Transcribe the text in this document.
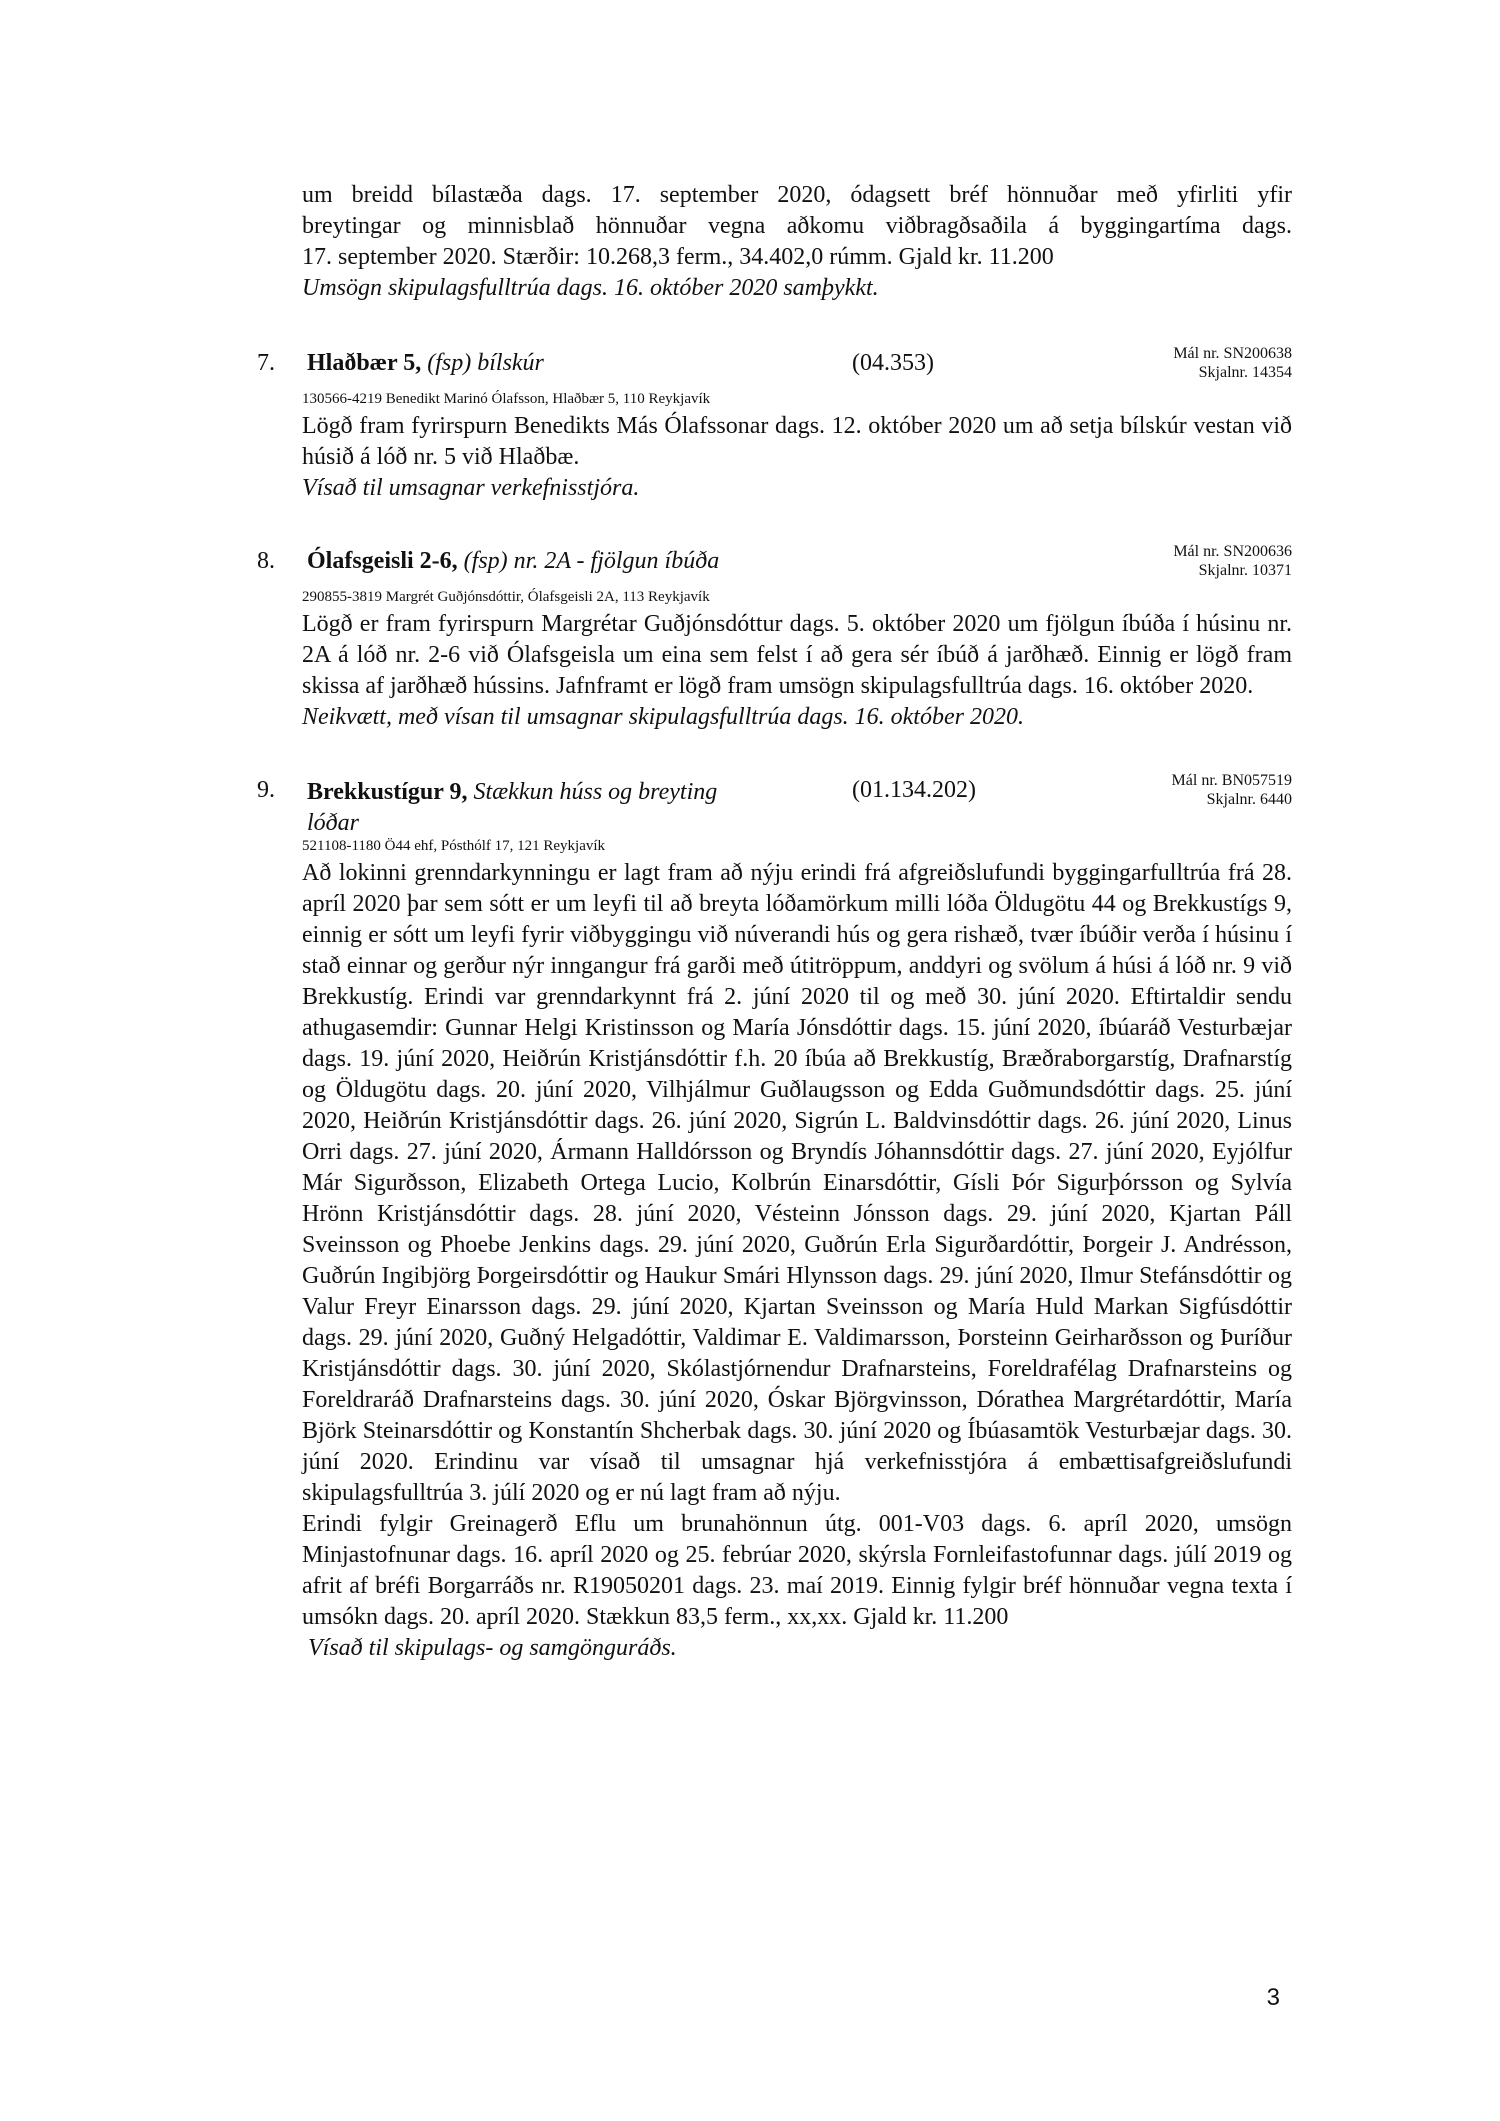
um breidd bílastæða dags. 17. september 2020, ódagsett bréf hönnuðar með yfirliti yfir
breytingar og minnisblað hönnuðar vegna aðkomu viðbragðsaðila á byggingartíma dags.
17. september 2020. Stærðir: 10.268,3 ferm., 34.402,0 rúmm. Gjald kr. 11.200
Umsögn skipulagsfulltrúa dags. 16. október 2020 samþykkt.

7. Hlaðbær 5, (fsp) bílskúr	(04.353)	Mál nr. SN200638
Skjalnr. 14354
130566-4219 Benedikt Marinó Ólafsson, Hlaðbær 5, 110 Reykjavík

Lögð fram fyrirspurn Benedikts Más Ólafssonar dags. 12. október 2020 um að setja bílskúr vestan við húsið á lóð nr. 5 við Hlaðbæ.

Vísað til umsagnar verkefnisstjóra.

8. Ólafsgeisli 2-6, (fsp) nr. 2A - fjölgun íbúða	Mál nr. SN200636
Skjalnr. 10371
290855-3819 Margrét Guðjónsdóttir, Ólafsgeisli 2A, 113 Reykjavík

Lögð er fram fyrirspurn Margrétar Guðjónsdóttur dags. 5. október 2020 um fjölgun íbúða í húsinu nr. 2A á lóð nr. 2-6 við Ólafsgeisla um eina sem felst í að gera sér íbúð á jarðhæð. Einnig er lögð fram skissa af jarðhæð hússins. Jafnframt er lögð fram umsögn skipulagsfulltrúa dags. 16. október 2020.

Neikvætt, með vísan til umsagnar skipulagsfulltrúa dags. 16. október 2020.

9. Brekkustígur 9, Stækkun húss og breyting
lóðar
(01.134.202)	Mál nr. BN057519
Skjalnr. 6440
521108-1180 Ö44 ehf, Pósthólf 17, 121 Reykjavík

Að lokinni grenndarkynningu er lagt fram að nýju erindi frá afgreiðslufundi byggingarfulltrúa frá 28. apríl 2020 þar sem sótt er um leyfi til að breyta lóðamörkum milli lóða Öldugötu 44 og Brekkustígs 9, einnig er sótt um leyfi fyrir viðbyggingu við núverandi hús og gera rishæð, tvær íbúðir verða í húsinu í stað einnar og gerður nýr inngangur frá garði með útitröppum, anddyri og svölum á húsi á lóð nr. 9 við Brekkustíg. Erindi var grenndarkynnt frá 2. júní 2020 til og með 30. júní 2020. Eftirtaldir sendu athugasemdir: Gunnar Helgi Kristinsson og María Jónsdóttir dags. 15. júní 2020, íbúaráð Vesturbæjar dags. 19. júní 2020, Heiðrún Kristjánsdóttir f.h. 20 íbúa að Brekkustíg, Bræðraborgarstíg, Drafnarstíg og Öldugötu dags. 20. júní 2020, Vilhjálmur Guðlaugsson og Edda Guðmundsdóttir dags. 25. júní 2020, Heiðrún Kristjánsdóttir dags. 26. júní 2020, Sigrún L. Baldvinsdóttir dags. 26. júní 2020, Linus Orri dags. 27. júní 2020, Ármann Halldórsson og Bryndís Jóhannsdóttir dags. 27. júní 2020, Eyjólfur Már Sigurðsson, Elizabeth Ortega Lucio, Kolbrún Einarsdóttir, Gísli Þór Sigurþórsson og Sylvía Hrönn Kristjánsdóttir dags. 28. júní 2020, Vésteinn Jónsson dags. 29. júní 2020, Kjartan Páll Sveinsson og Phoebe Jenkins dags. 29. júní 2020, Guðrún Erla Sigurðardóttir, Þorgeir J. Andrésson, Guðrún Ingibjörg Þorgeirsdóttir og Haukur Smári Hlynsson dags. 29. júní 2020, Ilmur Stefánsdóttir og Valur Freyr Einarsson dags. 29. júní 2020, Kjartan Sveinsson og María Huld Markan Sigfúsdóttir dags. 29. júní 2020, Guðný Helgadóttir, Valdimar E. Valdimarsson, Þorsteinn Geirharðsson og Þuríður Kristjánsdóttir dags. 30. júní 2020, Skólastjórnendur Drafnarsteins, Foreldrafélag Drafnarsteins og Foreldraráð Drafnarsteins dags. 30. júní 2020, Óskar Björgvinsson, Dórathea Margrétardóttir, María Björk Steinarsdóttir og Konstantín Shcherbak dags. 30. júní 2020 og Íbúasamtök Vesturbæjar dags. 30. júní 2020. Erindinu var vísað til umsagnar hjá verkefnisstjóra á embættisafgreiðslufundi skipulagsfulltrúa 3. júlí 2020 og er nú lagt fram að nýju.

Erindi fylgir Greinagerð Eflu um brunahönnun útg. 001-V03 dags. 6. apríl 2020, umsögn Minjastofnunar dags. 16. apríl 2020 og 25. febrúar 2020, skýrsla Fornleifastofunnar dags. júlí 2019 og afrit af bréfi Borgarráðs nr. R19050201 dags. 23. maí 2019. Einnig fylgir bréf hönnuðar vegna texta í umsókn dags. 20. apríl 2020. Stækkun 83,5 ferm., xx,xx. Gjald kr. 11.200

Vísað til skipulags- og samgönguráðs.

3
